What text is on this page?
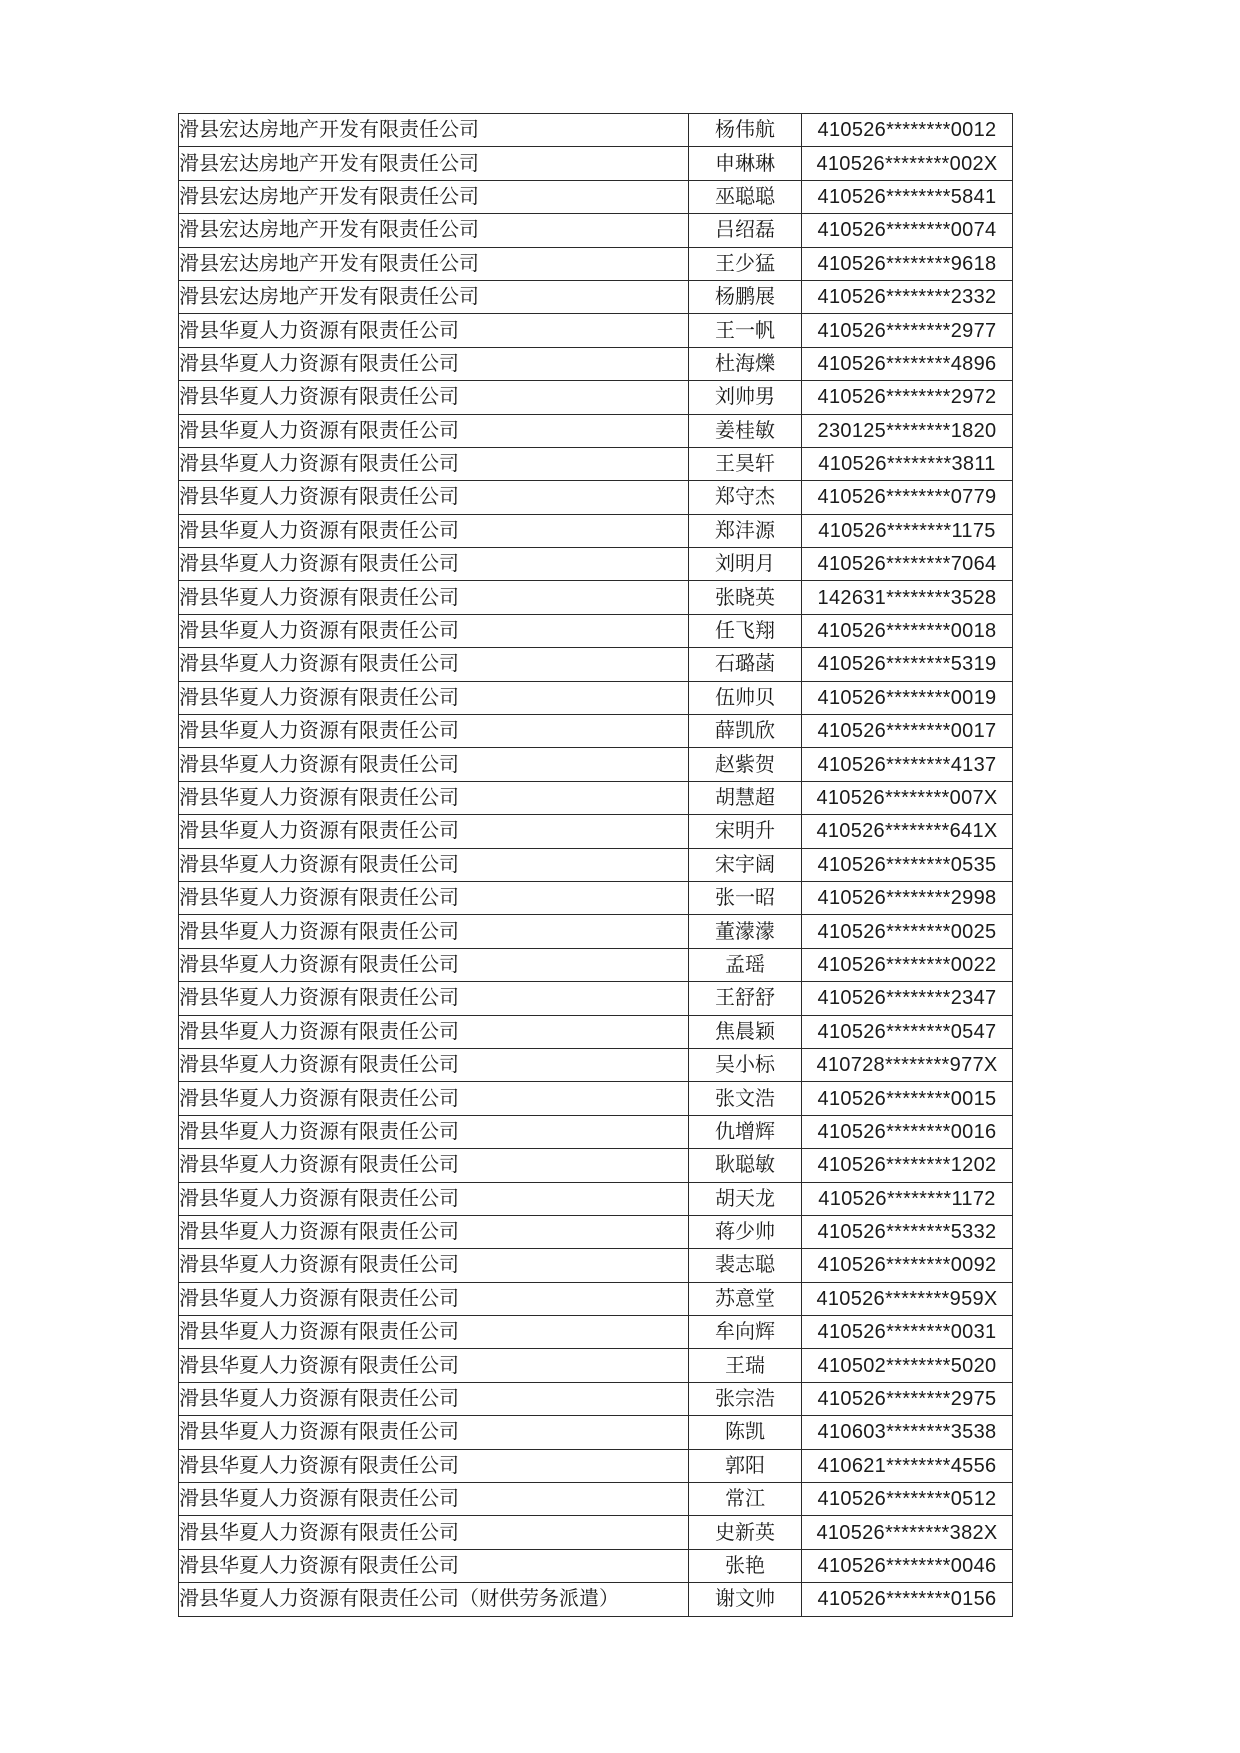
滑县宏达房地产开发有限责任公司	杨伟航	410526********0012
滑县宏达房地产开发有限责任公司	申琳琳	410526********002X
滑县宏达房地产开发有限责任公司	巫聪聪	410526********5841
滑县宏达房地产开发有限责任公司	吕绍磊	410526********0074
滑县宏达房地产开发有限责任公司	王少猛	410526********9618
滑县宏达房地产开发有限责任公司	杨鹏展	410526********2332
滑县华夏人力资源有限责任公司	王一帆	410526********2977
滑县华夏人力资源有限责任公司	杜海爍	410526********4896
滑县华夏人力资源有限责任公司	刘帅男	410526********2972
滑县华夏人力资源有限责任公司	姜桂敏	230125********1820
滑县华夏人力资源有限责任公司	王昊轩	410526********3811
滑县华夏人力资源有限责任公司	郑守杰	410526********0779
滑县华夏人力资源有限责任公司	郑沣源	410526********1175
滑县华夏人力资源有限责任公司	刘明月	410526********7064
滑县华夏人力资源有限责任公司	张晓英	142631********3528
滑县华夏人力资源有限责任公司	任飞翔	410526********0018
滑县华夏人力资源有限责任公司	石璐菡	410526********5319
滑县华夏人力资源有限责任公司	伍帅贝	410526********0019
滑县华夏人力资源有限责任公司	薛凯欣	410526********0017
滑县华夏人力资源有限责任公司	赵紫贺	410526********4137
滑县华夏人力资源有限责任公司	胡慧超	410526********007X
滑县华夏人力资源有限责任公司	宋明升	410526********641X
滑县华夏人力资源有限责任公司	宋宇阔	410526********0535
滑县华夏人力资源有限责任公司	张一昭	410526********2998
滑县华夏人力资源有限责任公司	董濛濛	410526********0025
滑县华夏人力资源有限责任公司	孟瑶	410526********0022
滑县华夏人力资源有限责任公司	王舒舒	410526********2347
滑县华夏人力资源有限责任公司	焦晨颖	410526********0547
滑县华夏人力资源有限责任公司	吴小标	410728********977X
滑县华夏人力资源有限责任公司	张文浩	410526********0015
滑县华夏人力资源有限责任公司	仇增辉	410526********0016
滑县华夏人力资源有限责任公司	耿聪敏	410526********1202
滑县华夏人力资源有限责任公司	胡天龙	410526********1172
滑县华夏人力资源有限责任公司	蒋少帅	410526********5332
滑县华夏人力资源有限责任公司	裴志聪	410526********0092
滑县华夏人力资源有限责任公司	苏意堂	410526********959X
滑县华夏人力资源有限责任公司	牟向辉	410526********0031
滑县华夏人力资源有限责任公司	王瑞	410502********5020
滑县华夏人力资源有限责任公司	张宗浩	410526********2975
滑县华夏人力资源有限责任公司	陈凯	410603********3538
滑县华夏人力资源有限责任公司	郭阳	410621********4556
滑县华夏人力资源有限责任公司	常江	410526********0512
滑县华夏人力资源有限责任公司	史新英	410526********382X
滑县华夏人力资源有限责任公司	张艳	410526********0046
滑县华夏人力资源有限责任公司（财供劳务派遣）	谢文帅	410526********0156
